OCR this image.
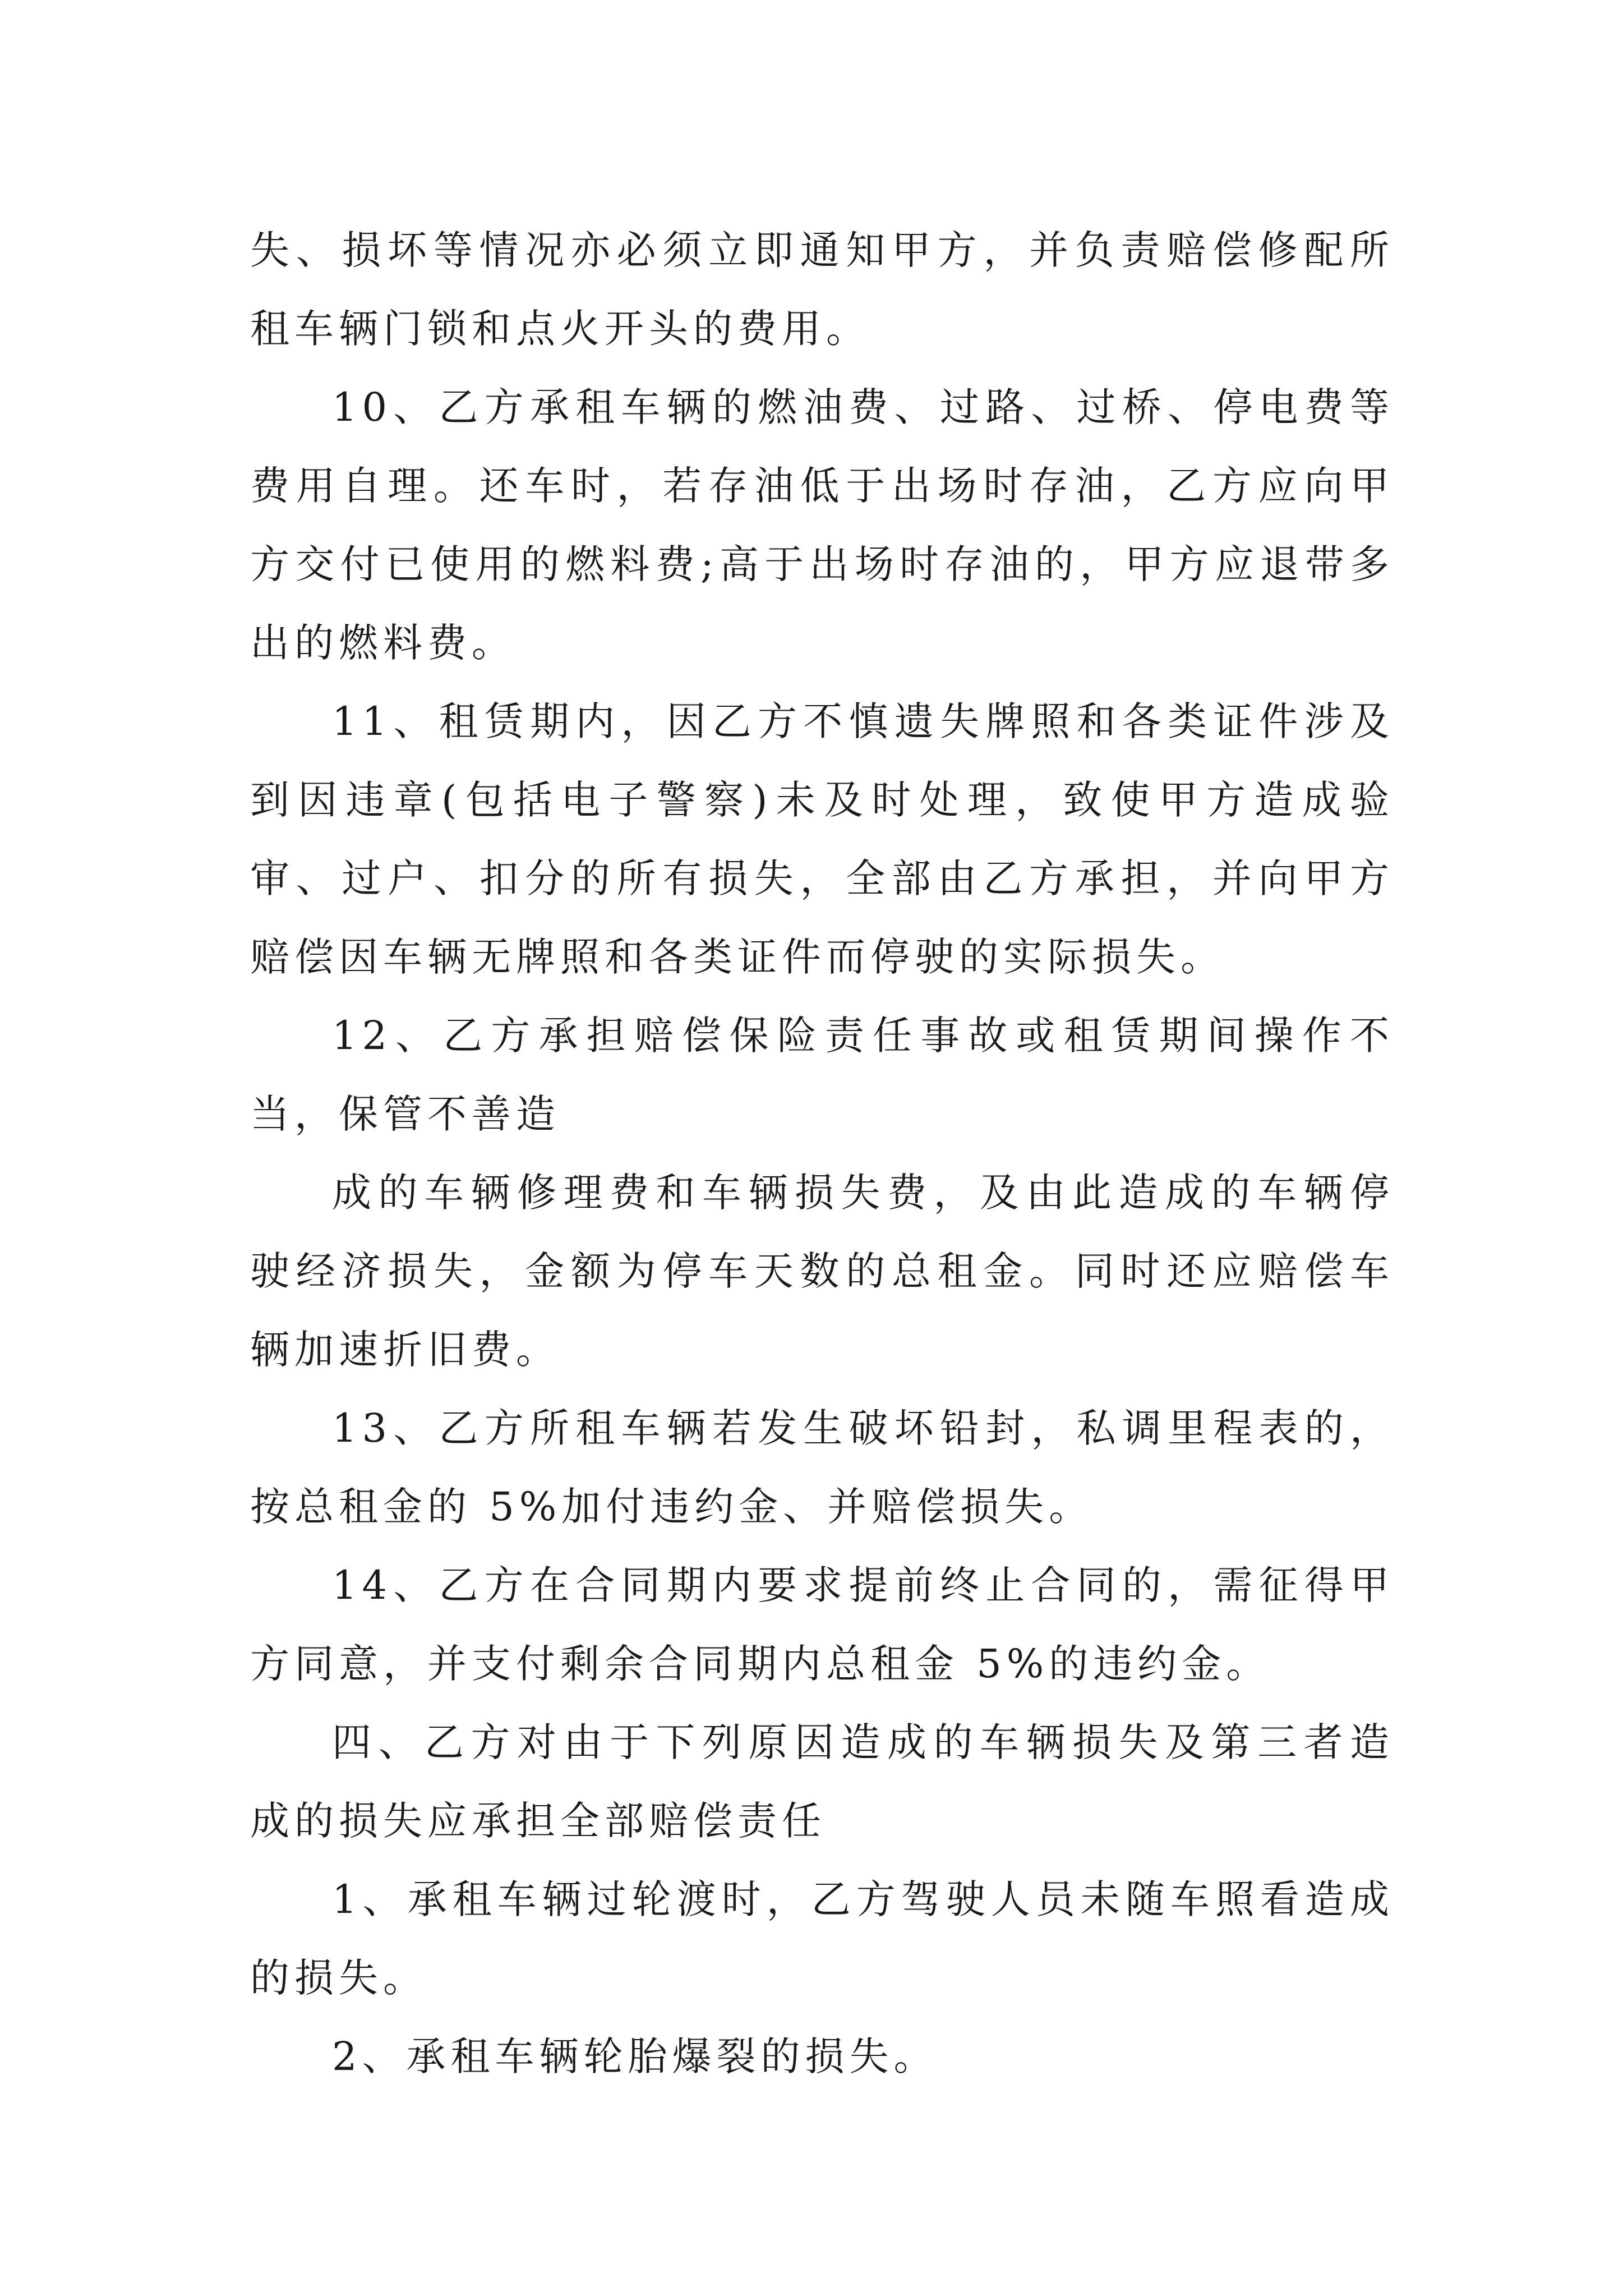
失、损坏等情况亦必须立即通知甲方，并负责赔偿修配所租车辆门锁和点火开头的费用。

10、乙方承租车辆的燃油费、过路、过桥、停电费等费用自理。还车时，若存油低于出场时存油，乙方应向甲方交付已使用的燃料费;高于出场时存油的，甲方应退带多出的燃料费。

11、租赁期内，因乙方不慎遗失牌照和各类证件涉及到因违章(包括电子警察)未及时处理，致使甲方造成验审、过户、扣分的所有损失，全部由乙方承担，并向甲方赔偿因车辆无牌照和各类证件而停驶的实际损失。

12、乙方承担赔偿保险责任事故或租赁期间操作不当，保管不善造

成的车辆修理费和车辆损失费，及由此造成的车辆停驶经济损失，金额为停车天数的总租金。同时还应赔偿车辆加速折旧费。

13、乙方所租车辆若发生破坏铅封，私调里程表的，按总租金的 5%加付违约金、并赔偿损失。

14、乙方在合同期内要求提前终止合同的，需征得甲方同意，并支付剩余合同期内总租金 5%的违约金。

四、乙方对由于下列原因造成的车辆损失及第三者造成的损失应承担全部赔偿责任

1、承租车辆过轮渡时，乙方驾驶人员未随车照看造成的损失。

2、承租车辆轮胎爆裂的损失。
